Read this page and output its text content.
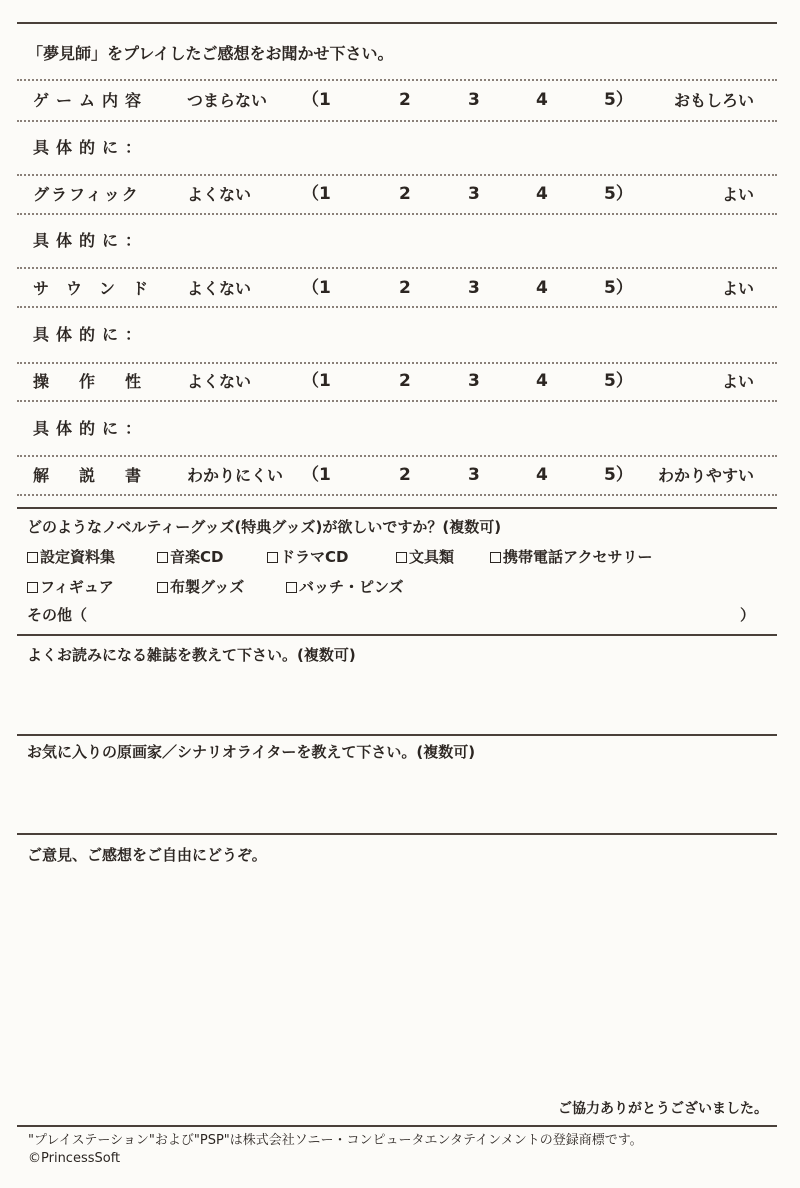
「夢見師」をプレイしたご感想をお聞かせ下さい。
ゲーム内容 つまらない （1	2	3	4	5）	おもしろい
具体的に：
グラフィック	よくない	（1	2	3	4	5）	よい
具体的に：
サウンド よくない	（1	2	3	4	5）	よい
具体的に：
操作性 よくない	（1	2	3	4	5）	よい
具体的に：
解説書 わかりにくい （1	2	3	4	5） わかりやすい
どのようなノベルティーグッズ(特典グッズ)が欲しいですか？(複数可)
設定資料集	音楽CD	ドラマCD	文具類	携帯電話アクセサリー
フィギュア	布製グッズ	バッチ・ピンズ
その他（	）
よくお読みになる雑誌を教えて下さい。(複数可)
お気に入りの原画家／シナリオライターを教えて下さい。(複数可)
ご意見、ご感想をご自由にどうぞ。
ご協力ありがとうございました。
"プレイステーション"および"PSP"は株式会社ソニー・コンピュータエンタテインメントの登録商標です。
©PrincessSoft
